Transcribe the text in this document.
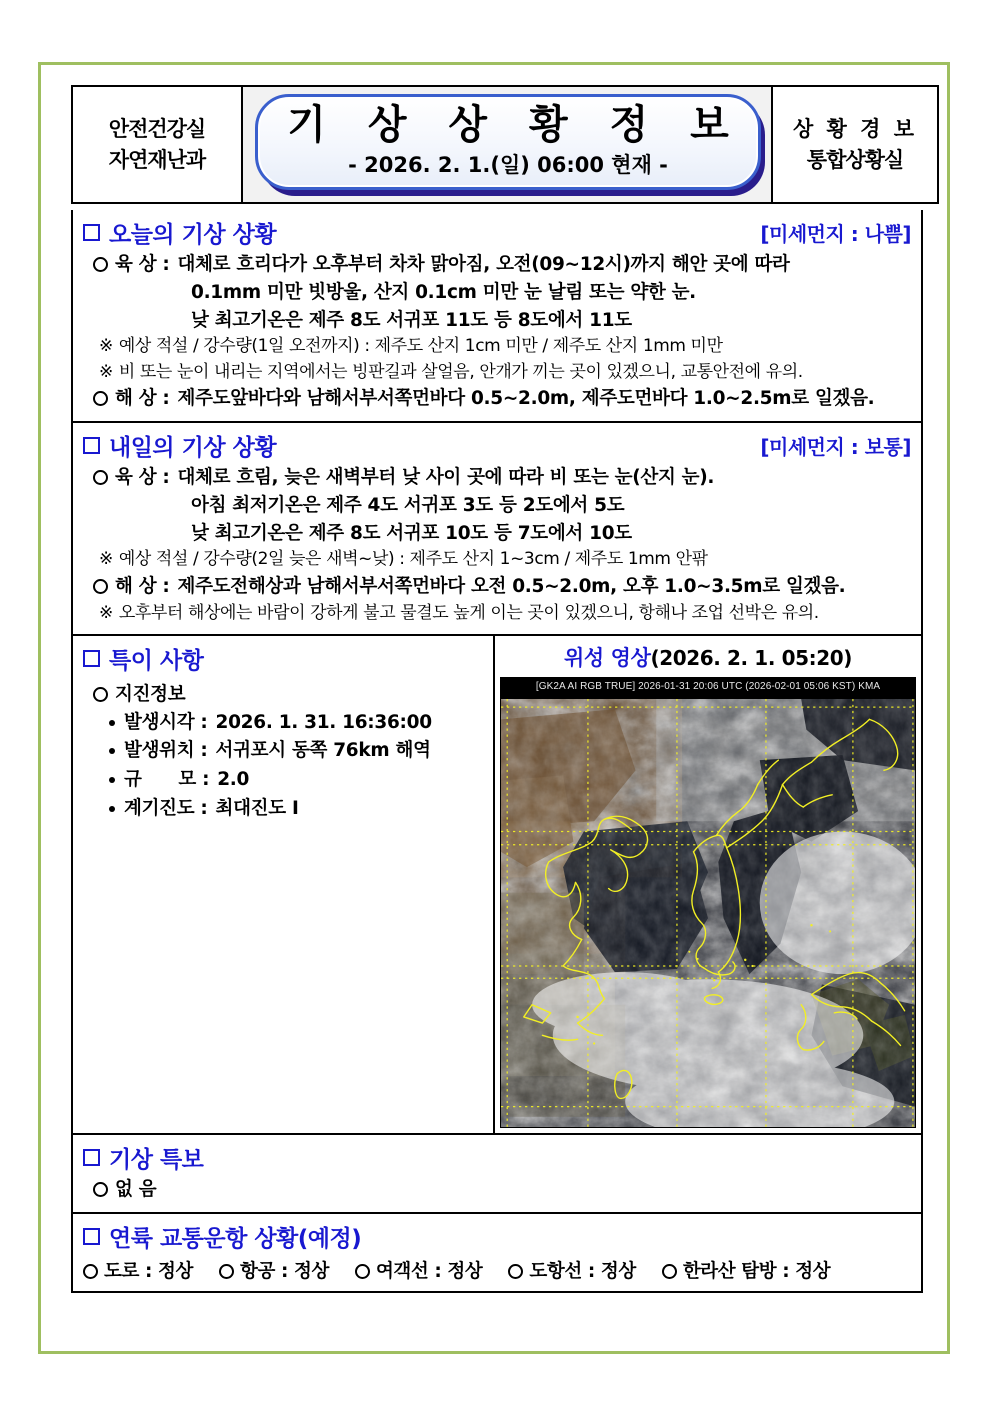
안전건강실
자연재난과

기 상 상 황 정 보
- 2026. 2. 1.(일) 06:00 현재 -

상 황 경 보
통합상황실
오늘의 기상 상황	[미세먼지 : 나쁨]
육 상 : 대체로 흐리다가 오후부터 차차 맑아짐, 오전(09~12시)까지 해안 곳에 따라
0.1mm 미만 빗방울, 산지 0.1cm 미만 눈 날림 또는 약한 눈.
낮 최고기온은 제주 8도 서귀포 11도 등 8도에서 11도
※ 예상 적설 / 강수량(1일 오전까지) : 제주도 산지 1cm 미만 / 제주도 산지 1mm 미만
※ 비 또는 눈이 내리는 지역에서는 빙판길과 살얼음, 안개가 끼는 곳이 있겠으니, 교통안전에 유의.
해 상 : 제주도앞바다와 남해서부서쪽먼바다 0.5~2.0m, 제주도먼바다 1.0~2.5m로 일겠음.
내일의 기상 상황	[미세먼지 : 보통]
육 상 : 대체로 흐림, 늦은 새벽부터 낮 사이 곳에 따라 비 또는 눈(산지 눈).
아침 최저기온은 제주 4도 서귀포 3도 등 2도에서 5도
낮 최고기온은 제주 8도 서귀포 10도 등 7도에서 10도
※ 예상 적설 / 강수량(2일 늦은 새벽~낮) : 제주도 산지 1~3cm / 제주도 1mm 안팎
해 상 : 제주도전해상과 남해서부서쪽먼바다 오전 0.5~2.0m, 오후 1.0~3.5m로 일겠음.
※ 오후부터 해상에는 바람이 강하게 불고 물결도 높게 이는 곳이 있겠으니, 항해나 조업 선박은 유의.
특이 사항
지진정보
발생시각 : 2026. 1. 31. 16:36:00
발생위치 : 서귀포시 동쪽 76km 해역
규      모 : 2.0
계기진도 : 최대진도 Ⅰ
위성 영상(2026. 2. 1. 05:20)
[GK2A AI RGB TRUE] 2026-01-31 20:06 UTC (2026-02-01 05:06 KST) KMA
기상 특보
없 음
연륙 교통운항 상황(예정)
도로 : 정상	항공 : 정상	여객선 : 정상	도항선 : 정상	한라산 탐방 : 정상
